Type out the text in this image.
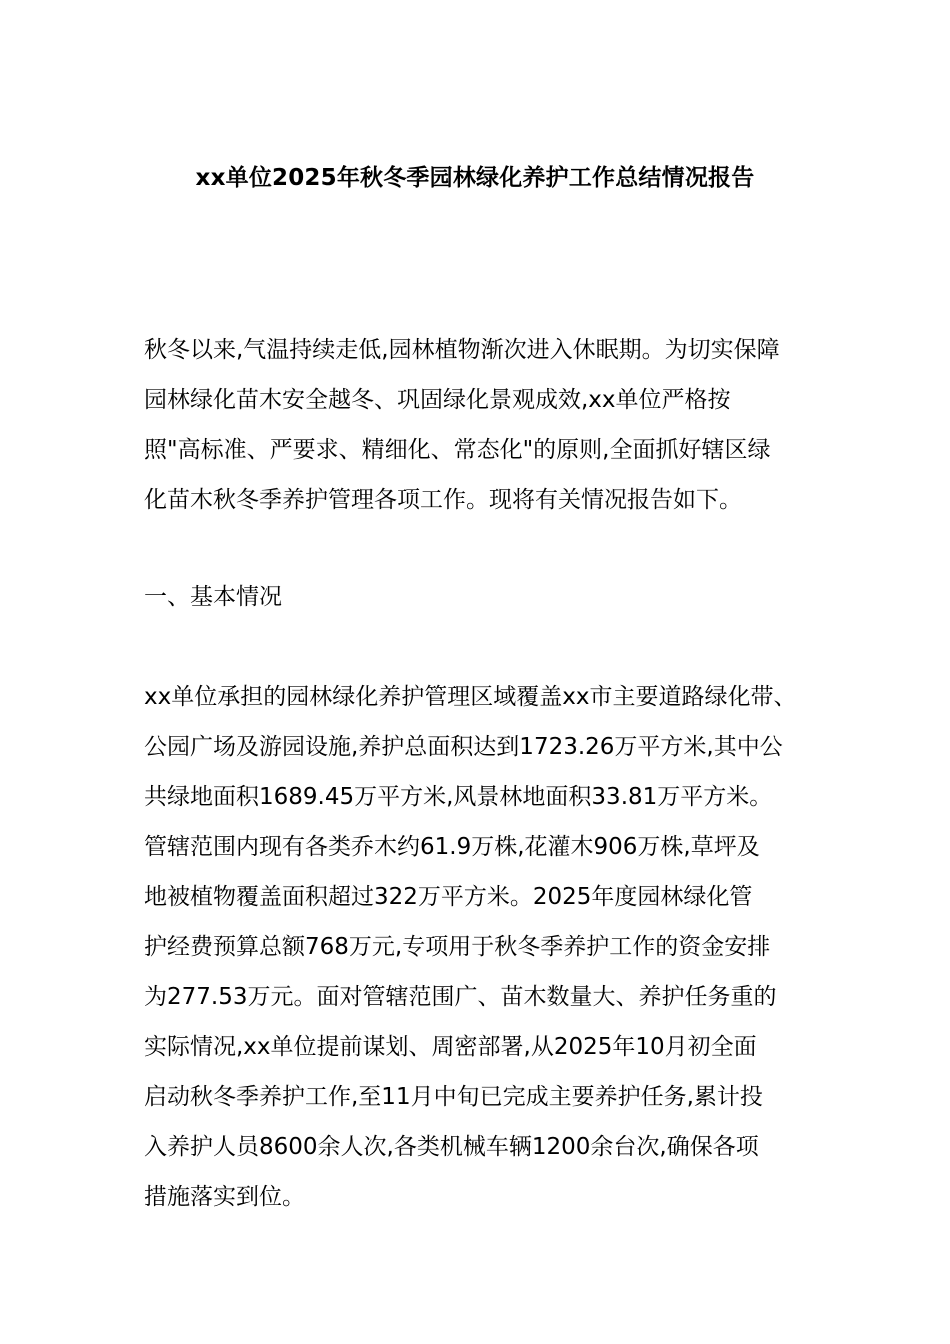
xx单位2025年秋冬季园林绿化养护工作总结情况报告

秋冬以来,气温持续走低,园林植物渐次进入休眠期。为切实保障
园林绿化苗木安全越冬、巩固绿化景观成效,xx单位严格按
照"高标准、严要求、精细化、常态化"的原则,全面抓好辖区绿
化苗木秋冬季养护管理各项工作。现将有关情况报告如下。

一、基本情况

xx单位承担的园林绿化养护管理区域覆盖xx市主要道路绿化带、
公园广场及游园设施,养护总面积达到1723.26万平方米,其中公
共绿地面积1689.45万平方米,风景林地面积33.81万平方米。
管辖范围内现有各类乔木约61.9万株,花灌木906万株,草坪及
地被植物覆盖面积超过322万平方米。2025年度园林绿化管
护经费预算总额768万元,专项用于秋冬季养护工作的资金安排
为277.53万元。面对管辖范围广、苗木数量大、养护任务重的
实际情况,xx单位提前谋划、周密部署,从2025年10月初全面
启动秋冬季养护工作,至11月中旬已完成主要养护任务,累计投
入养护人员8600余人次,各类机械车辆1200余台次,确保各项
措施落实到位。
